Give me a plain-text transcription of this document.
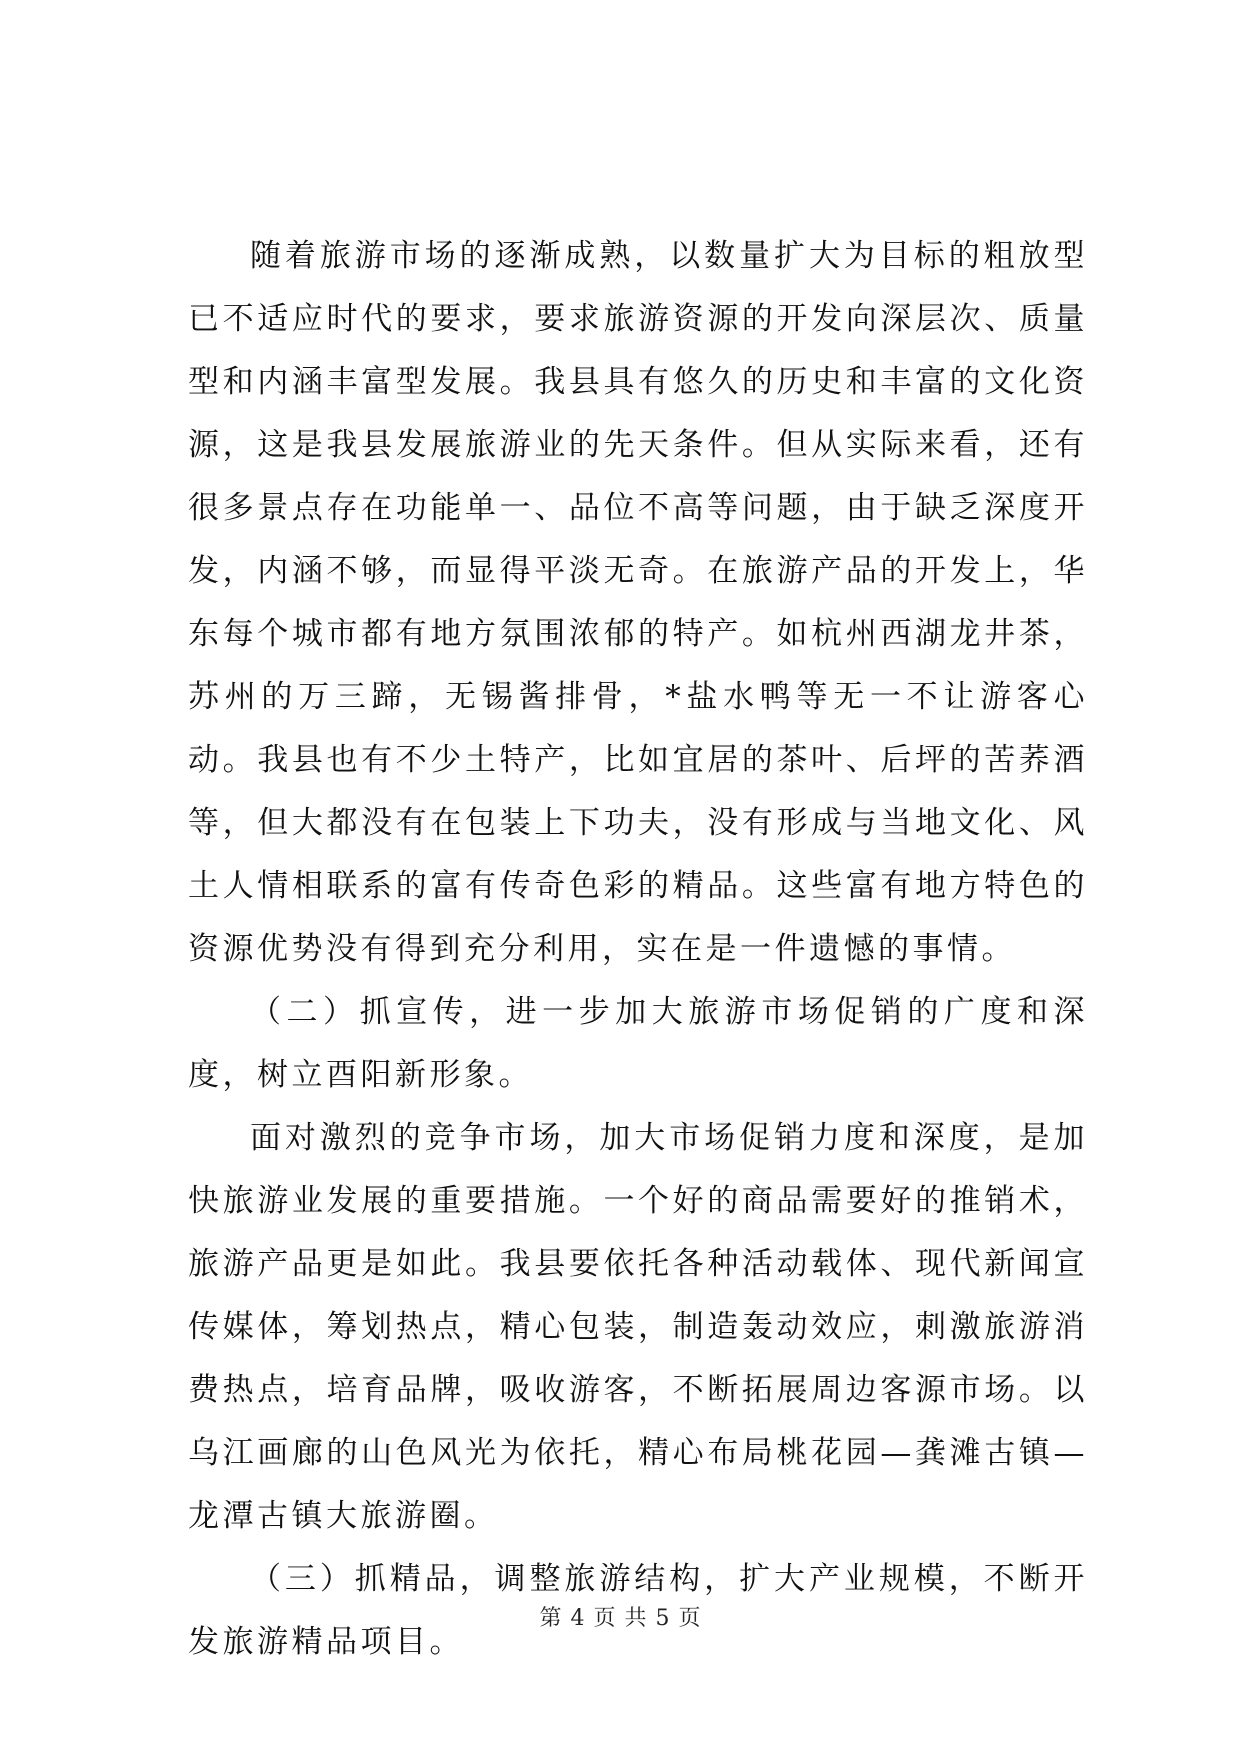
随着旅游市场的逐渐成熟，以数量扩大为目标的粗放型已不适应时代的要求，要求旅游资源的开发向深层次、质量型和内涵丰富型发展。我县具有悠久的历史和丰富的文化资源，这是我县发展旅游业的先天条件。但从实际来看，还有很多景点存在功能单一、品位不高等问题，由于缺乏深度开发，内涵不够，而显得平淡无奇。在旅游产品的开发上，华东每个城市都有地方氛围浓郁的特产。如杭州西湖龙井茶，苏州的万三蹄，无锡酱排骨，*盐水鸭等无一不让游客心动。我县也有不少土特产，比如宜居的茶叶、后坪的苦荞酒等，但大都没有在包装上下功夫，没有形成与当地文化、风土人情相联系的富有传奇色彩的精品。这些富有地方特色的资源优势没有得到充分利用，实在是一件遗憾的事情。

（二）抓宣传，进一步加大旅游市场促销的广度和深度，树立酉阳新形象。

面对激烈的竞争市场，加大市场促销力度和深度，是加快旅游业发展的重要措施。一个好的商品需要好的推销术，旅游产品更是如此。我县要依托各种活动载体、现代新闻宣传媒体，筹划热点，精心包装，制造轰动效应，刺激旅游消费热点，培育品牌，吸收游客，不断拓展周边客源市场。以乌江画廊的山色风光为依托，精心布局桃花园—龚滩古镇—龙潭古镇大旅游圈。

（三）抓精品，调整旅游结构，扩大产业规模，不断开发旅游精品项目。

第 4 页 共 5 页
